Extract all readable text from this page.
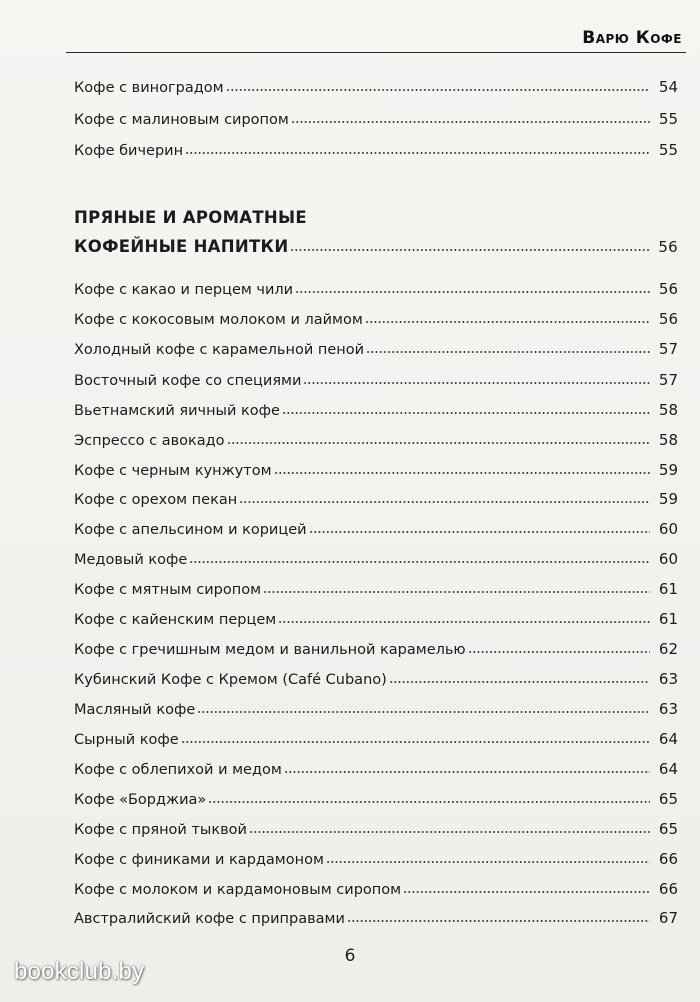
Варю Кофе
Кофе с виноградом	54
Кофе с малиновым сиропом	55
Кофе бичерин	55
ПРЯНЫЕ И АРОМАТНЫЕ
КОФЕЙНЫЕ НАПИТКИ	56
Кофе с какао и перцем чили	56
Кофе с кокосовым молоком и лаймом	56
Холодный кофе с карамельной пеной	57
Восточный кофе со специями	57
Вьетнамский яичный кофе	58
Эспрессо с авокадо	58
Кофе с черным кунжутом	59
Кофе с орехом пекан	59
Кофе с апельсином и корицей	60
Медовый кофе	60
Кофе с мятным сиропом	61
Кофе с кайенским перцем	61
Кофе с гречишным медом и ванильной карамелью	62
Кубинский Кофе с Кремом (Café Cubano)	63
Масляный кофе	63
Сырный кофе	64
Кофе с облепихой и медом	64
Кофе «Борджиа»	65
Кофе с пряной тыквой	65
Кофе с финиками и кардамоном	66
Кофе с молоком и кардамоновым сиропом	66
Австралийский кофе с приправами	67
6
bookclub.by
